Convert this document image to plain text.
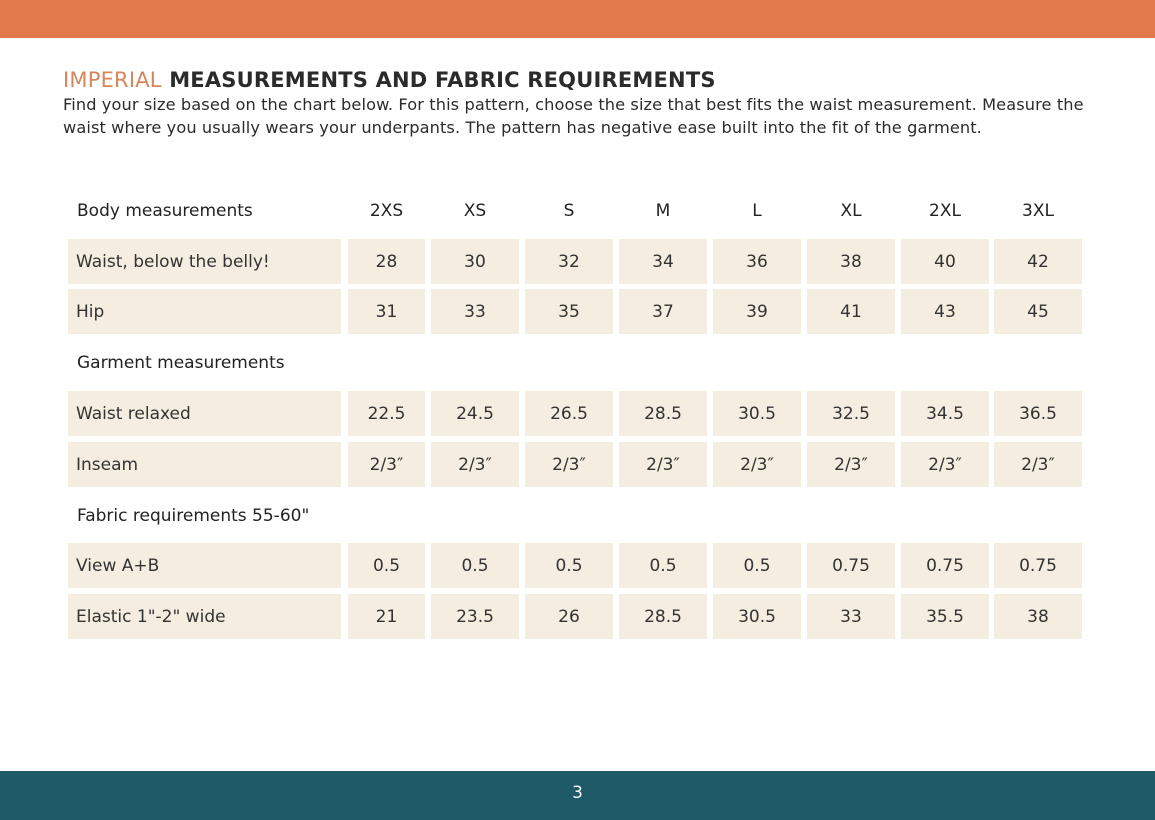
IMPERIAL MEASUREMENTS AND FABRIC REQUIREMENTS
Find your size based on the chart below. For this pattern, choose the size that best fits the waist measurement. Measure the waist where you usually wears your underpants. The pattern has negative ease built into the fit of the garment.
Body measurements	2XS	XS	S	M	L	XL	2XL	3XL
Waist, below the belly!	28	30	32	34	36	38	40	42
Hip	31	33	35	37	39	41	43	45
Garment measurements
Waist relaxed	22.5	24.5	26.5	28.5	30.5	32.5	34.5	36.5
Inseam	2/3″	2/3″	2/3″	2/3″	2/3″	2/3″	2/3″	2/3″
Fabric requirements 55-60"
View A+B	0.5	0.5	0.5	0.5	0.5	0.75	0.75	0.75
Elastic 1"-2" wide	21	23.5	26	28.5	30.5	33	35.5	38
3
